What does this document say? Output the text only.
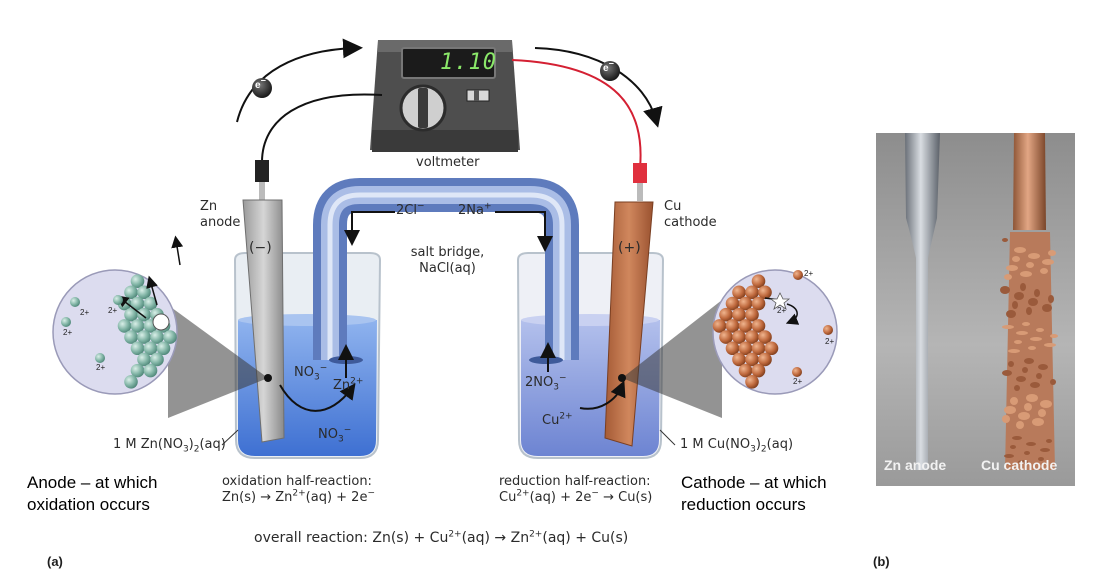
1.10
voltmeter
e−
e−
Zn
anode
(−)
Cu
cathode
(+)
2Cl−	2Na+
salt bridge,
NaCl(aq)
$NO_3^-$
$Zn^{2+}$
$NO_3^-$
$2NO_3^-$
$Cu^{2+}$
2+
2+
2+
2+
2+
2+
2+
2+
1 M $Zn(NO_3)_2(aq)$	1 M $Cu(NO_3)_2(aq)$
oxidation half-reaction:
$Zn(s) \to Zn^{2+}(aq) + 2e^-$
reduction half-reaction:
$Cu^{2+}(aq) + 2e^- \to Cu(s)$
overall reaction: $Zn(s) + Cu^{2+}(aq) \to Zn^{2+}(aq) + Cu(s)$
Anode – at which
oxidation occurs
Cathode – at which
reduction occurs
(a)	(b)
Zn anode Cu cathode
